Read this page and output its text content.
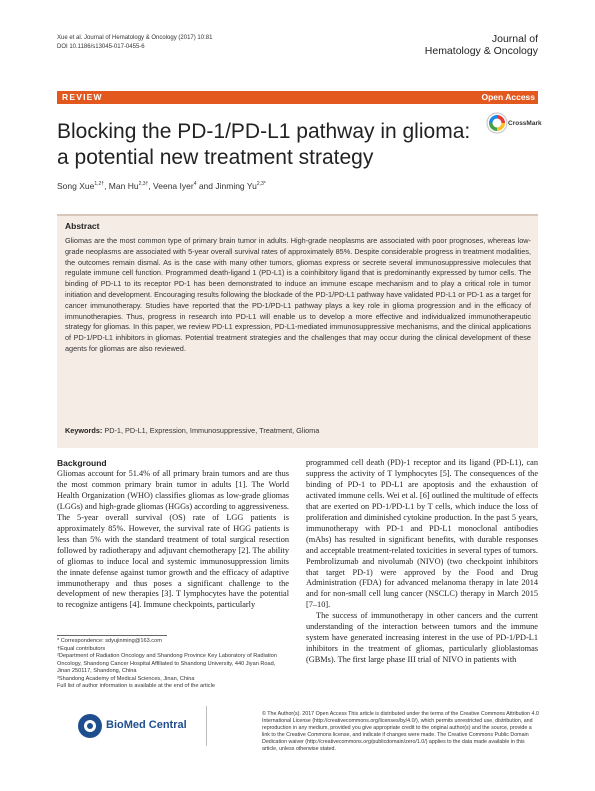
Xue et al. Journal of Hematology & Oncology (2017) 10:81
DOI 10.1186/s13045-017-0455-6
Journal of
Hematology & Oncology
REVIEW	Open Access
Blocking the PD-1/PD-L1 pathway in glioma: a potential new treatment strategy
CrossMark
Song Xue$^{1,2\dagger}$, Man $Hu^{2,3\dagger}$, Veena Iyer$^4$ and Jinming $Yu^{2,3*}$
Abstract
Gliomas are the most common type of primary brain tumor in adults. High-grade neoplasms are associated with poor prognoses, whereas low-grade neoplasms are associated with 5-year overall survival rates of approximately 85%. Despite considerable progress in treatment modalities, the outcomes remain dismal. As is the case with many other tumors, gliomas express or secrete several immunosuppressive molecules that regulate immune cell function. Programmed death-ligand 1 (PD-L1) is a coinhibitory ligand that is predominantly expressed by tumor cells. The binding of PD-L1 to its receptor PD-1 has been demonstrated to induce an immune escape mechanism and to play a critical role in tumor initiation and development. Encouraging results following the blockade of the PD-1/PD-L1 pathway have validated PD-L1 or PD-1 as a target for cancer immunotherapy. Studies have reported that the PD-1/PD-L1 pathway plays a key role in glioma progression and in the efficacy of immunotherapies. Thus, progress in research into PD-L1 will enable us to develop a more effective and individualized immunotherapeutic strategy for gliomas. In this paper, we review PD-L1 expression, PD-L1-mediated immunosuppressive mechanisms, and the clinical applications of PD-1/PD-L1 inhibitors in gliomas. Potential treatment strategies and the challenges that may occur during the clinical development of these agents for gliomas are also reviewed.
Keywords: PD-1, PD-L1, Expression, Immunosuppressive, Treatment, Glioma
Background
Gliomas account for 51.4% of all primary brain tumors and are thus the most common primary brain tumor in adults [1]. The World Health Organization (WHO) classifies gliomas as low-grade gliomas (LGGs) and high-grade gliomas (HGGs) according to aggressiveness. The 5-year overall survival (OS) rate of LGG patients is approximately 85%. However, the survival rate of HGG patients is less than 5% with the standard treatment of total surgical resection followed by radiotherapy and adjuvant chemotherapy [2]. The ability of gliomas to induce local and systemic immunosuppression limits the innate defense against tumor growth and the efficacy of adaptive immunotherapy and thus poses a significant challenge to the development of new therapies [3]. T lymphocytes have the potential to recognize antigens [4]. Immune checkpoints, particularly
programmed cell death (PD)-1 receptor and its ligand (PD-L1), can suppress the activity of T lymphocytes [5]. The consequences of the binding of PD-1 to PD-L1 are apoptosis and the exhaustion of activated immune cells. Wei et al. [6] outlined the multitude of effects that are exerted on PD-1/PD-L1 by T cells, which induce the loss of proliferation and diminished cytokine production. In the past 5 years, immunotherapy with PD-1 and PD-L1 monoclonal antibodies (mAbs) has resulted in significant benefits, with durable responses and acceptable treatment-related toxicities in several types of tumors. Pembrolizumab and nivolumab (NIVO) (two checkpoint inhibitors that target PD-1) were approved by the Food and Drug Administration (FDA) for advanced melanoma therapy in late 2014 and for non-small cell lung cancer (NSCLC) therapy in March 2015 [7–10].
The success of immunotherapy in other cancers and the current understanding of the interaction between tumors and the immune system have generated increasing interest in the use of PD-1/PD-L1 inhibitors in the treatment of gliomas, particularly glioblastomas (GBMs). The first large phase III trial of NIVO in patients with
* Correspondence: sdyujinming@163.com
†Equal contributors
²Department of Radiation Oncology and Shandong Province Key Laboratory of Radiation Oncology, Shandong Cancer Hospital Affiliated to Shandong University, 440 Jiyan Road, Jinan 250117, Shandong, China
³Shandong Academy of Medical Sciences, Jinan, China
Full list of author information is available at the end of the article
BioMed Central
© The Author(s). 2017 Open Access This article is distributed under the terms of the Creative Commons Attribution 4.0 International License (http://creativecommons.org/licenses/by/4.0/), which permits unrestricted use, distribution, and reproduction in any medium, provided you give appropriate credit to the original author(s) and the source, provide a link to the Creative Commons license, and indicate if changes were made. The Creative Commons Public Domain Dedication waiver (http://creativecommons.org/publicdomain/zero/1.0/) applies to the data made available in this article, unless otherwise stated.
